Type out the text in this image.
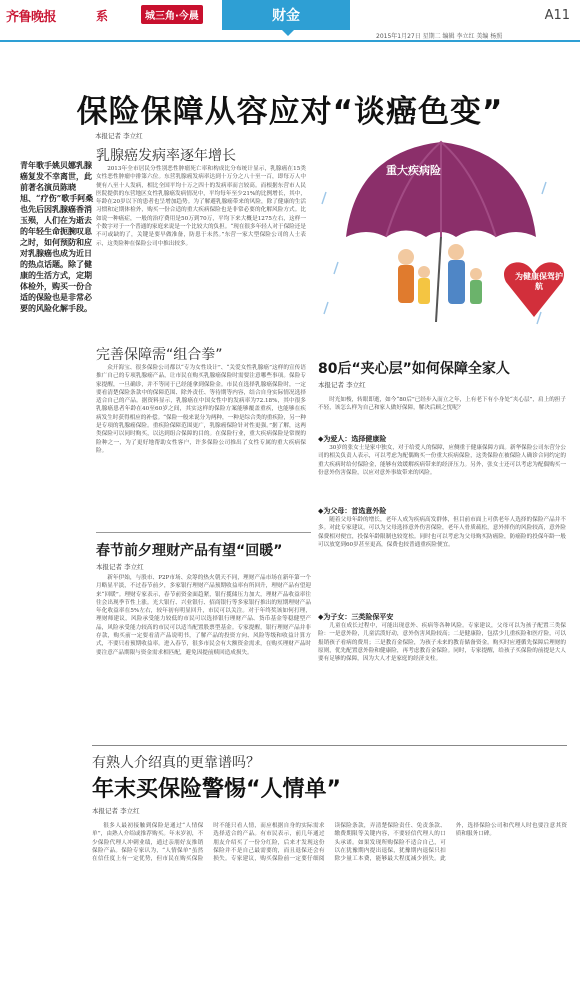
齐鲁晚报	系	城三角·今晨	财金	A11
2015年1月27日 星期二 编辑 李立红 美编 杨照
保险保障从容应对“谈癌色变”
本报记者 李立红
青年歌手姚贝娜乳腺癌复发不幸离世，此前著名演员陈晓旭、“疗伤”歌手阿桑也先后因乳腺癌香消玉殒，人们在为逝去的年轻生命扼腕叹息之时，如何预防和应对乳腺癌也成为近日的热点话题。除了健康的生活方式，定期体检外，购买一份合适的保险也是非常必要的风险化解手段。
乳腺癌发病率逐年增长
2013年全市居民分性别恶性肿瘤死亡率和构成比分布统计显示，乳腺癌在15类女性恶性肿瘤中排第六位。东营乳腺癌发病率达到十万分之八十至一百，即每万人中便有八至十人发病，相比全国平均十万之四十的发病率而言较高。而根据东营市人民医院提供的东营地区女性乳腺癌发病情况中，平均每年至少21%的比例增长，其中，年龄在20岁以下的患者也呈增加趋势。为了解避乳腺癌带来的风险，除了健康的生活习惯和定期体检外，购买一份合适的重大疾病保险也是非常必要的化解风险方式。比如说一种癌症，一般的治疗费用是50万到70万，平均下来大概是1275左右，这样一个数字对于一个普通的家庭来说是一个比较大的负担。“现在很多年轻人对于保险还是不可或缺的了，关键是要早做准备，防患于未然。”东营一家大型保险公司的人士表示，这类险种在保险公司中推出较多。
完善保障需“组合拳”
众开海宝、很多保险公司都以“专为女性设计”、“关爱女性乳腺癌”这样的宣传语推广自己的专项乳腺癌产品，让市民在购买乳腺癌保险时需要注意哪些事项。保险专家提醒，一旦确诊，并不等同于已经能拿到保险金。市民在选择乳腺癌保险时，一定要看清楚保险条款中的保障范围、除外责任、等待期等内容，结合自身实际情况选择适合自己的产品。据资料显示，乳腺癌在中国女性中的发病率为72.18%，其中很多乳腺癌患者年龄在40至60岁之间，其实这样的保险方案能够覆盖重疾，也能够在疾病发生时获得相应的补偿。“保险一般来说分为两种，一种是综合类的重疾险，另一种是专项的乳腺癌保险。重疾险保障范围更广，乳腺癌保险针对性更强。”据了解，这两类保险可以同时购买，以达到组合保障的目的。在保险行业，重大疾病保险是常规的险种之一，为了更好地帮助女性客户，许多保险公司推出了女性专属的重大疾病保险。
重大疾病险
为健康保驾护航
春节前夕理财产品有望“回暖”
本报记者 李立红
新年伊始，与股市、P2P市场、众筹的热火朝天不同，理财产品市场在新年第一个月略显平淡，不过春节前夕，多家银行理财产品预期收益率有所回升，理财产品有望迎来“回暖”。理财专家表示，春节前资金面趋紧，银行揽储压力加大，理财产品收益率往往会出现季节性上涨。光大银行、兴业银行、招商银行等多家银行推出的短期理财产品年化收益率在5%左右，较年初有明显回升，市民可以关注。对于年终奖该如何打理，理财师建议，风险承受能力较低的市民可以选择银行理财产品、货币基金等稳健型产品，风险承受能力较高的市民可以适当配置股票型基金。专家提醒，银行理财产品并非存款，购买前一定要看清产品说明书，了解产品的投资方向、风险等级和收益计算方式，不要只看预期收益率。进入春节，很多市民会有大额资金需求，在购买理财产品时要注意产品期限与资金需求相匹配，避免因提前赎回造成损失。
80后“夹心层”如何保障全家人
本报记者 李立红
时光如梭，转眼即逝，如今“80后”已经步入而立之年，上有老下有小身处“夹心层”，肩上的担子不轻，该怎么样为自己和家人做好保障，解决后顾之忧呢？
◆为爱人：选择健康险
30岁的张女士是家中独女，对于给爱人的保障，应侧重于健康保障方面。新华保险公司东营分公司的相关负责人表示，可以考虑为配偶购买一份重大疾病保险，这类保险在被保险人确诊合同约定的重大疾病时给付保险金，能够有效缓解疾病带来的经济压力。另外，张女士还可以考虑为配偶购买一份意外伤害保险，以应对意外事故带来的风险。
◆为父母：首选意外险
随着父母年龄的增长，老年人成为疾病高发群体，但目前市面上可供老年人选择的保险产品并不多。对此专家建议，可以为父母选择意外伤害保险，老年人骨质疏松，意外摔伤的风险较高，意外险保费相对便宜，投保年龄限制也较宽松。同时也可以考虑为父母购买防癌险，防癌险的投保年龄一般可以放宽到60岁甚至更高，保费也较普通重疾险便宜。
◆为子女：三类险保平安
儿童在成长过程中，可能出现意外、疾病等各种风险。专家建议，父母可以为孩子配置三类保险：一是意外险，儿童活泼好动，意外伤害风险较高；二是健康险，包括少儿重疾险和医疗险，可以报销孩子看病的费用；三是教育金保险，为孩子未来的教育储备资金。购买时应遵循先保障后理财的原则，优先配置意外险和健康险，再考虑教育金保险。同时，专家提醒，给孩子买保险的前提是大人要有足够的保障，因为大人才是家庭的经济支柱。
有熟人介绍真的更靠谱吗？
年末买保险警惕“人情单”
本报记者 李立红
很多人最初接触到保险是通过“人情保单”，由熟人介绍或推荐购买。年末岁初，不少保险代理人冲刺业绩，通过亲朋好友推销保险产品。保险专家认为，“人情保单”虽然在信任度上有一定优势，但市民在购买保险时不能只看人情，而应根据自身的实际需求选择适合的产品。有市民表示，前几年通过朋友介绍买了一份分红险，后来才发现这份保险并不是自己最需要的，而且退保还会有损失。专家建议，购买保险前一定要仔细阅读保险条款，弄清楚保险责任、免责条款、缴费期限等关键内容，不要轻信代理人的口头承诺。如果发现所购保险不适合自己，可以在犹豫期内提出退保，犹豫期内退保只扣除少量工本费，能够最大程度减少损失。此外，选择保险公司和代理人时也要注意其资质和服务口碑。
